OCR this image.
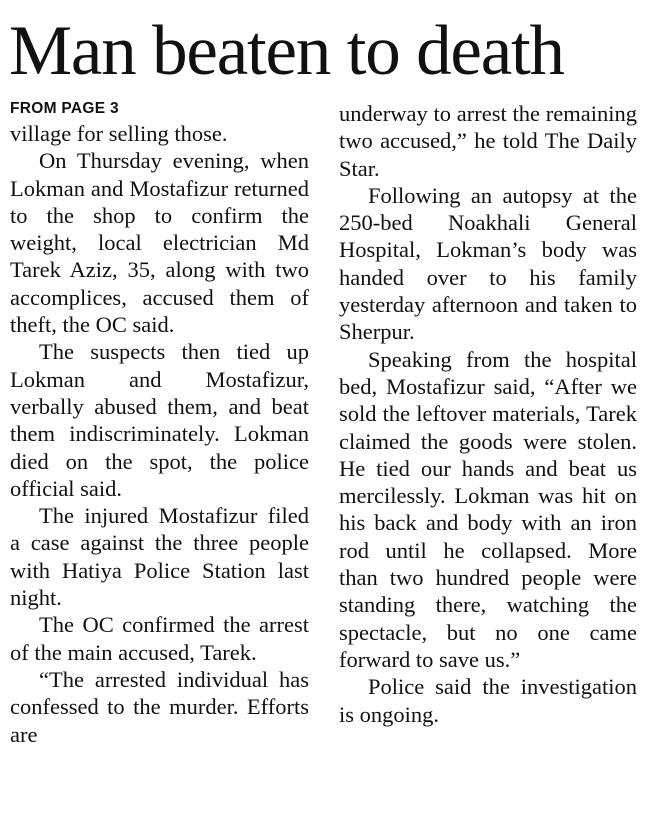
Man beaten to death
FROM PAGE 3

village for selling those.

On Thursday evening, when Lokman and Mostafizur returned to the shop to confirm the weight, local electrician Md Tarek Aziz, 35, along with two accomplices, accused them of theft, the OC said.

The suspects then tied up Lokman and Mostafizur, verbally abused them, and beat them indiscriminately. Lokman died on the spot, the police official said.

The injured Mostafizur filed a case against the three people with Hatiya Police Station last night.

The OC confirmed the arrest of the main accused, Tarek.

“The arrested individual has confessed to the murder. Efforts are

underway to arrest the remaining two accused,” he told The Daily Star.

Following an autopsy at the 250-bed Noakhali General Hospital, Lokman’s body was handed over to his family yesterday afternoon and taken to Sherpur.

Speaking from the hospital bed, Mostafizur said, “After we sold the leftover materials, Tarek claimed the goods were stolen. He tied our hands and beat us mercilessly. Lokman was hit on his back and body with an iron rod until he collapsed. More than two hundred people were standing there, watching the spectacle, but no one came forward to save us.”

Police said the investigation is ongoing.
